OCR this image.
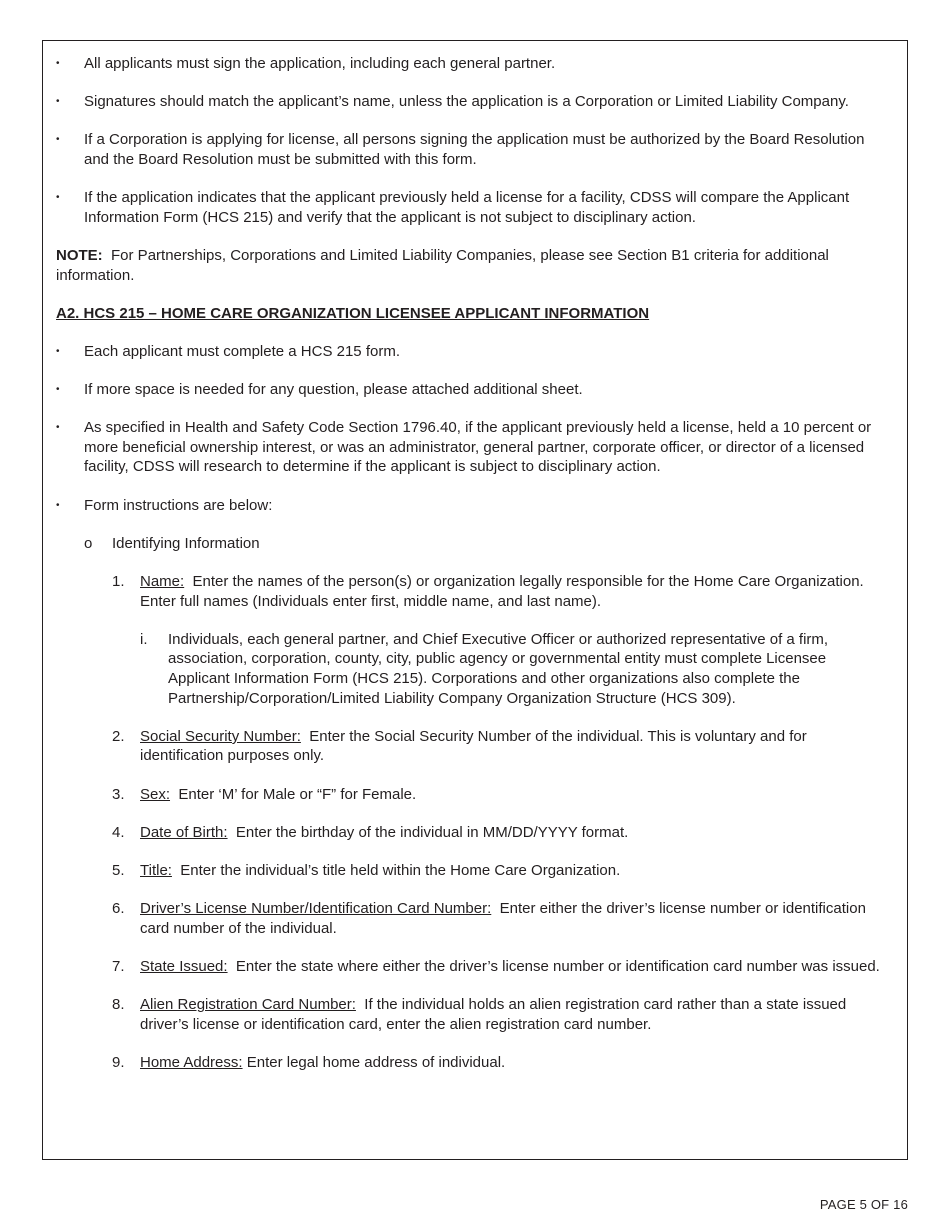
•	All applicants must sign the application, including each general partner.
•	Signatures should match the applicant’s name, unless the application is a Corporation or Limited Liability Company.
•	If a Corporation is applying for license, all persons signing the application must be authorized by the Board Resolution and the Board Resolution must be submitted with this form.
•	If the application indicates that the applicant previously held a license for a facility, CDSS will compare the Applicant Information Form (HCS 215) and verify that the applicant is not subject to disciplinary action.

NOTE: For Partnerships, Corporations and Limited Liability Companies, please see Section B1 criteria for additional information.

A2. HCS 215 – HOME CARE ORGANIZATION LICENSEE APPLICANT INFORMATION

•	Each applicant must complete a HCS 215 form.
•	If more space is needed for any question, please attached additional sheet.
•	As specified in Health and Safety Code Section 1796.40, if the applicant previously held a license, held a 10 percent or more beneficial ownership interest, or was an administrator, general partner, corporate officer, or director of a licensed facility, CDSS will research to determine if the applicant is subject to disciplinary action.
•	Form instructions are below:
o Identifying Information
1. Name: Enter the names of the person(s) or organization legally responsible for the Home Care Organization. Enter full names (Individuals enter first, middle name, and last name).
i. Individuals, each general partner, and Chief Executive Officer or authorized representative of a firm, association, corporation, county, city, public agency or governmental entity must complete Licensee Applicant Information Form (HCS 215). Corporations and other organizations also complete the Partnership/Corporation/Limited Liability Company Organization Structure (HCS 309).
2. Social Security Number: Enter the Social Security Number of the individual. This is voluntary and for identification purposes only.
3. Sex: Enter ‘M’ for Male or “F” for Female.
4. Date of Birth: Enter the birthday of the individual in MM/DD/YYYY format.
5. Title: Enter the individual’s title held within the Home Care Organization.
6. Driver’s License Number/Identification Card Number: Enter either the driver’s license number or identification card number of the individual.
7. State Issued: Enter the state where either the driver’s license number or identification card number was issued.
8. Alien Registration Card Number: If the individual holds an alien registration card rather than a state issued driver’s license or identification card, enter the alien registration card number.
9. Home Address: Enter legal home address of individual.
PAGE 5 OF 16
